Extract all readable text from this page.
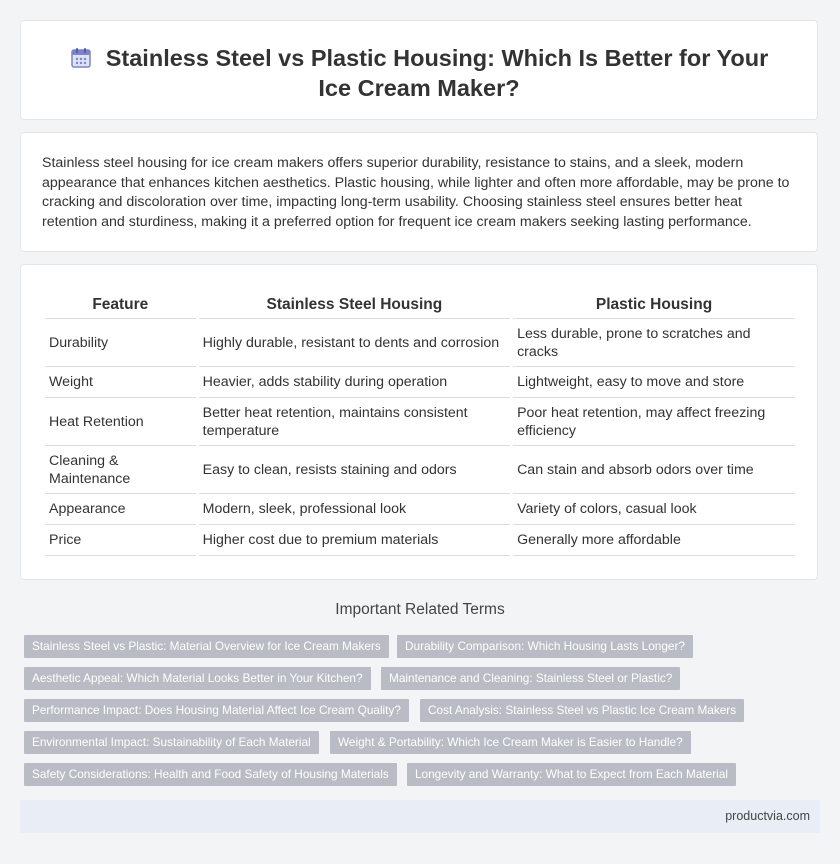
Stainless Steel vs Plastic Housing: Which Is Better for Your Ice Cream Maker?

Stainless steel housing for ice cream makers offers superior durability, resistance to stains, and a sleek, modern appearance that enhances kitchen aesthetics. Plastic housing, while lighter and often more affordable, may be prone to cracking and discoloration over time, impacting long-term usability. Choosing stainless steel ensures better heat retention and sturdiness, making it a preferred option for frequent ice cream makers seeking lasting performance.

Feature	Stainless Steel Housing	Plastic Housing
Durability	Highly durable, resistant to dents and corrosion	Less durable, prone to scratches and cracks
Weight	Heavier, adds stability during operation	Lightweight, easy to move and store
Heat Retention	Better heat retention, maintains consistent temperature	Poor heat retention, may affect freezing efficiency
Cleaning & Maintenance	Easy to clean, resists staining and odors	Can stain and absorb odors over time
Appearance	Modern, sleek, professional look	Variety of colors, casual look
Price	Higher cost due to premium materials	Generally more affordable
Important Related Terms
Stainless Steel vs Plastic: Material Overview for Ice Cream Makers	Durability Comparison: Which Housing Lasts Longer?
Aesthetic Appeal: Which Material Looks Better in Your Kitchen?	Maintenance and Cleaning: Stainless Steel or Plastic?
Performance Impact: Does Housing Material Affect Ice Cream Quality?	Cost Analysis: Stainless Steel vs Plastic Ice Cream Makers
Environmental Impact: Sustainability of Each Material	Weight & Portability: Which Ice Cream Maker is Easier to Handle?
Safety Considerations: Health and Food Safety of Housing Materials	Longevity and Warranty: What to Expect from Each Material
productvia.com
